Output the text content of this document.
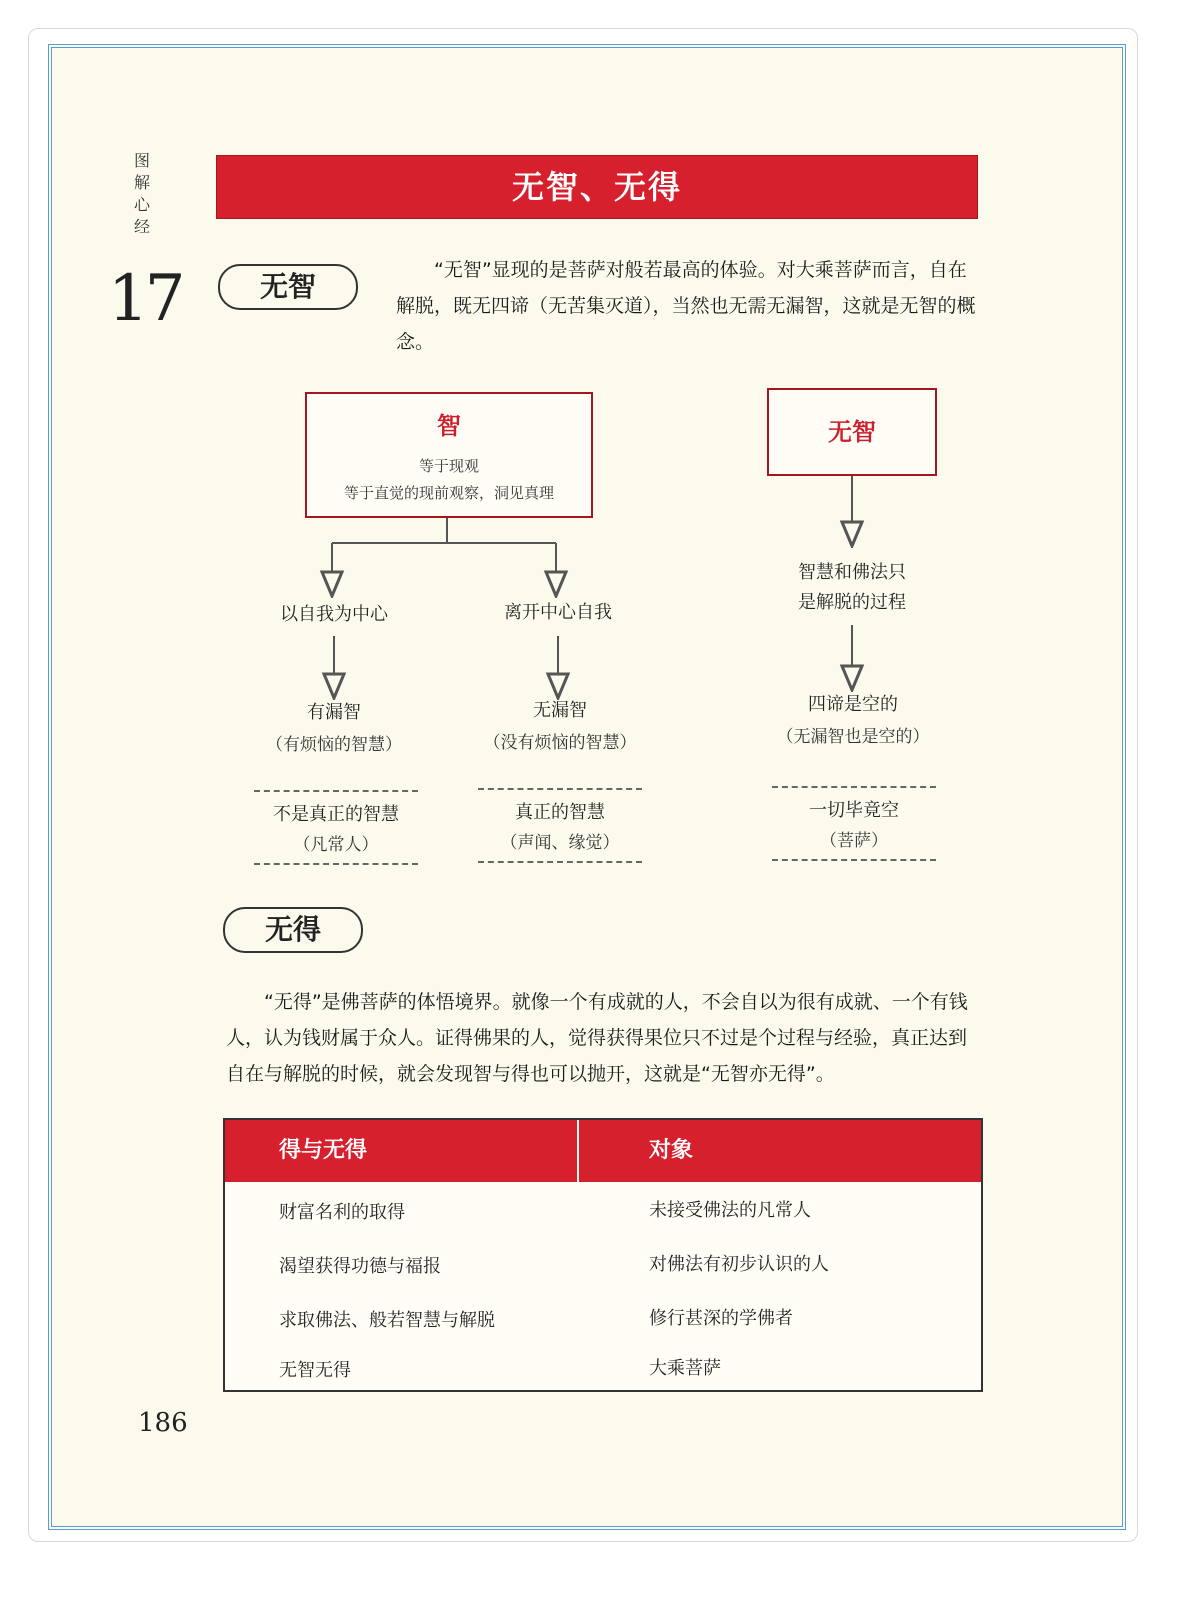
图解心经
17
无智、无得
无智	“无智”显现的是菩萨对般若最高的体验。对大乘菩萨而言，自在解脱，既无四谛（无苦集灭道），当然也无需无漏智，这就是无智的概念。
智
等于现观
等于直觉的现前观察，洞见真理
无智
以自我为中心
有漏智
（有烦恼的智慧）
不是真正的智慧
（凡常人）
离开中心自我
无漏智
（没有烦恼的智慧）
真正的智慧
（声闻、缘觉）
智慧和佛法只
是解脱的过程
四谛是空的
（无漏智也是空的）
一切毕竟空
（菩萨）
无得
“无得”是佛菩萨的体悟境界。就像一个有成就的人，不会自以为很有成就、一个有钱人，认为钱财属于众人。证得佛果的人，觉得获得果位只不过是个过程与经验，真正达到自在与解脱的时候，就会发现智与得也可以抛开，这就是“无智亦无得”。
得与无得	对象
财富名利的取得	未接受佛法的凡常人
渴望获得功德与福报	对佛法有初步认识的人
求取佛法、般若智慧与解脱	修行甚深的学佛者
无智无得	大乘菩萨
186
